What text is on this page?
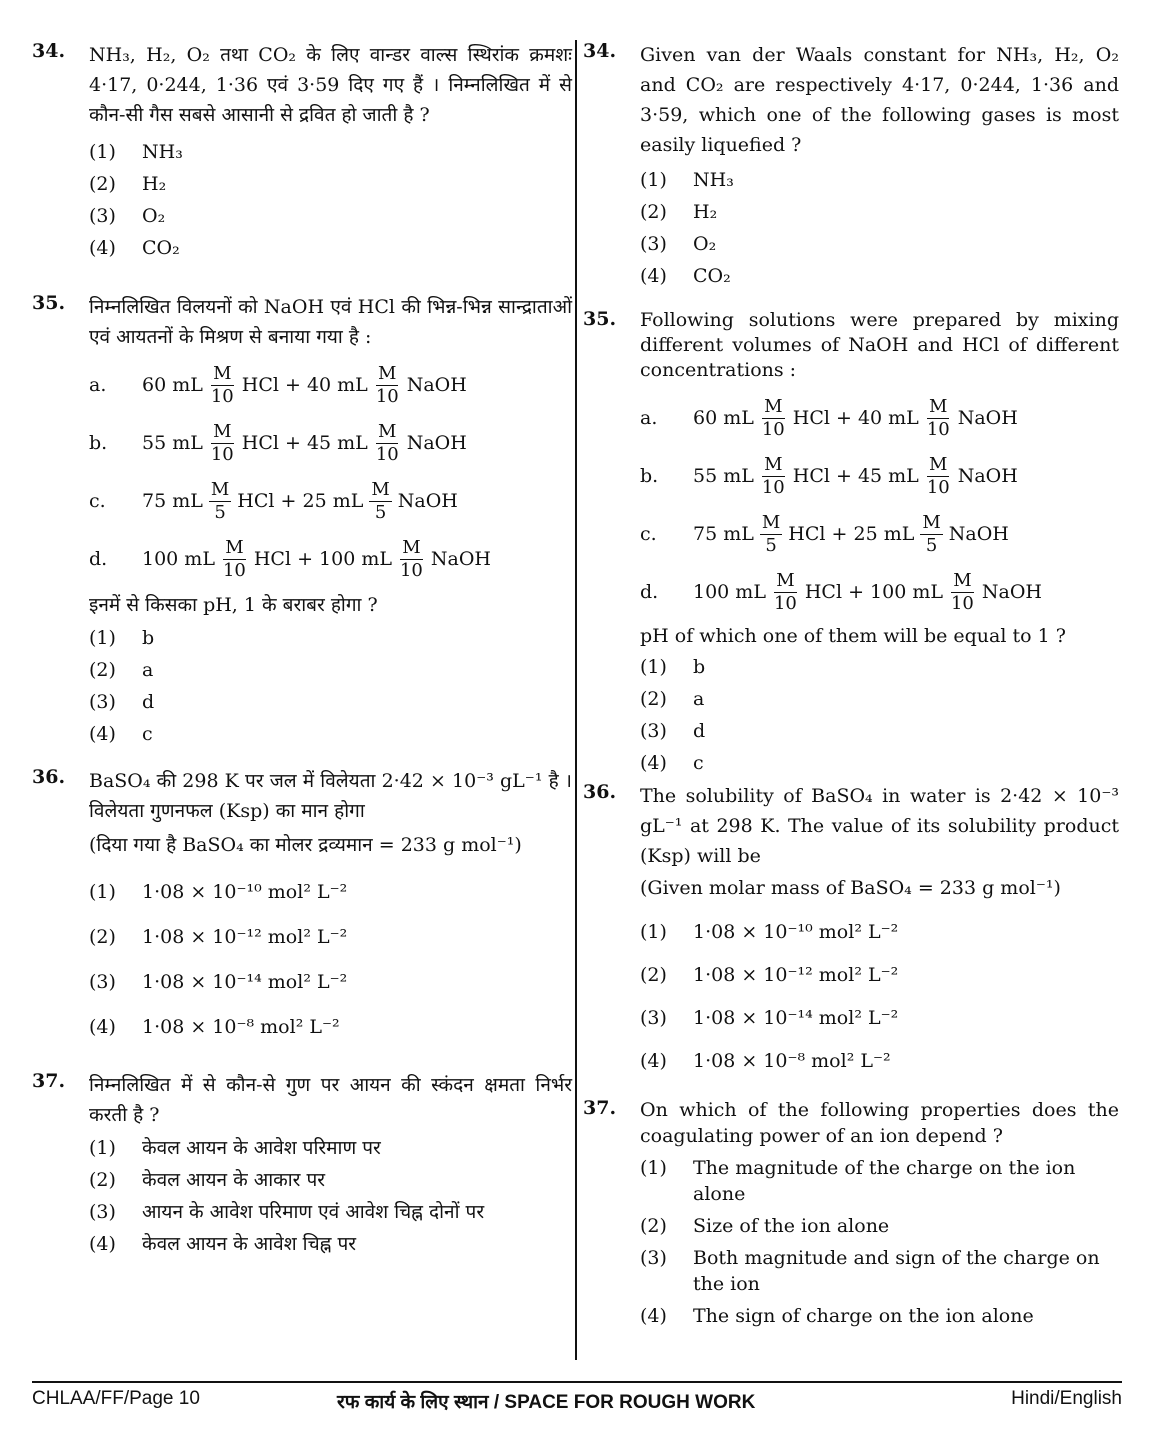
34. NH₃, H₂, O₂ तथा CO₂ के लिए वान्डर वाल्स स्थिरांक क्रमशः 4·17, 0·244, 1·36 एवं 3·59 दिए गए हैं । निम्नलिखित में से कौन-सी गैस सबसे आसानी से द्रवित हो जाती है ?
(1) NH₃
(2) H₂
(3) O₂
(4) CO₂
35. निम्नलिखित विलयनों को NaOH एवं HCl की भिन्न-भिन्न सान्द्राताओं एवं आयतनों के मिश्रण से बनाया गया है :
a. 60 mL $\frac{M}{10}$ HCl + 40 mL $\frac{M}{10}$ NaOH
b. 55 mL $\frac{M}{10}$ HCl + 45 mL $\frac{M}{10}$ NaOH
c. 75 mL $\frac{M}{5}$ HCl + 25 mL $\frac{M}{5}$ NaOH
d. 100 mL $\frac{M}{10}$ HCl + 100 mL $\frac{M}{10}$ NaOH
इनमें से किसका pH, 1 के बराबर होगा ?
(1) b
(2) a
(3) d
(4) c
36. BaSO₄ की 298 K पर जल में विलेयता 2·42 × 10⁻³ gL⁻¹ है । विलेयता गुणनफल (Ksp) का मान होगा
(दिया गया है BaSO₄ का मोलर द्रव्यमान = 233 g mol⁻¹)
(1) 1·08 × 10⁻¹⁰ mol² L⁻²
(2) 1·08 × 10⁻¹² mol² L⁻²
(3) 1·08 × 10⁻¹⁴ mol² L⁻²
(4) 1·08 × 10⁻⁸ mol² L⁻²
37. निम्नलिखित में से कौन-से गुण पर आयन की स्कंदन क्षमता निर्भर करती है ?
(1) केवल आयन के आवेश परिमाण पर
(2) केवल आयन के आकार पर
(3) आयन के आवेश परिमाण एवं आवेश चिह्न दोनों पर
(4) केवल आयन के आवेश चिह्न पर
34. Given van der Waals constant for NH₃, H₂, O₂ and CO₂ are respectively 4·17, 0·244, 1·36 and 3·59, which one of the following gases is most easily liquefied ?
(1) NH₃
(2) H₂
(3) O₂
(4) CO₂
35. Following solutions were prepared by mixing different volumes of NaOH and HCl of different concentrations :
a. 60 mL $\frac{M}{10}$ HCl + 40 mL $\frac{M}{10}$ NaOH
b. 55 mL $\frac{M}{10}$ HCl + 45 mL $\frac{M}{10}$ NaOH
c. 75 mL $\frac{M}{5}$ HCl + 25 mL $\frac{M}{5}$ NaOH
d. 100 mL $\frac{M}{10}$ HCl + 100 mL $\frac{M}{10}$ NaOH
pH of which one of them will be equal to 1 ?
(1) b
(2) a
(3) d
(4) c
36. The solubility of BaSO₄ in water is 2·42 × 10⁻³ gL⁻¹ at 298 K. The value of its solubility product (Ksp) will be
(Given molar mass of BaSO₄ = 233 g mol⁻¹)
(1) 1·08 × 10⁻¹⁰ mol² L⁻²
(2) 1·08 × 10⁻¹² mol² L⁻²
(3) 1·08 × 10⁻¹⁴ mol² L⁻²
(4) 1·08 × 10⁻⁸ mol² L⁻²
37. On which of the following properties does the coagulating power of an ion depend ?
(1) The magnitude of the charge on the ion alone
(2) Size of the ion alone
(3) Both magnitude and sign of the charge on the ion
(4) The sign of charge on the ion alone
CHLAA/FF/Page 10	रफ कार्य के लिए स्थान / SPACE FOR ROUGH WORK	Hindi/English
